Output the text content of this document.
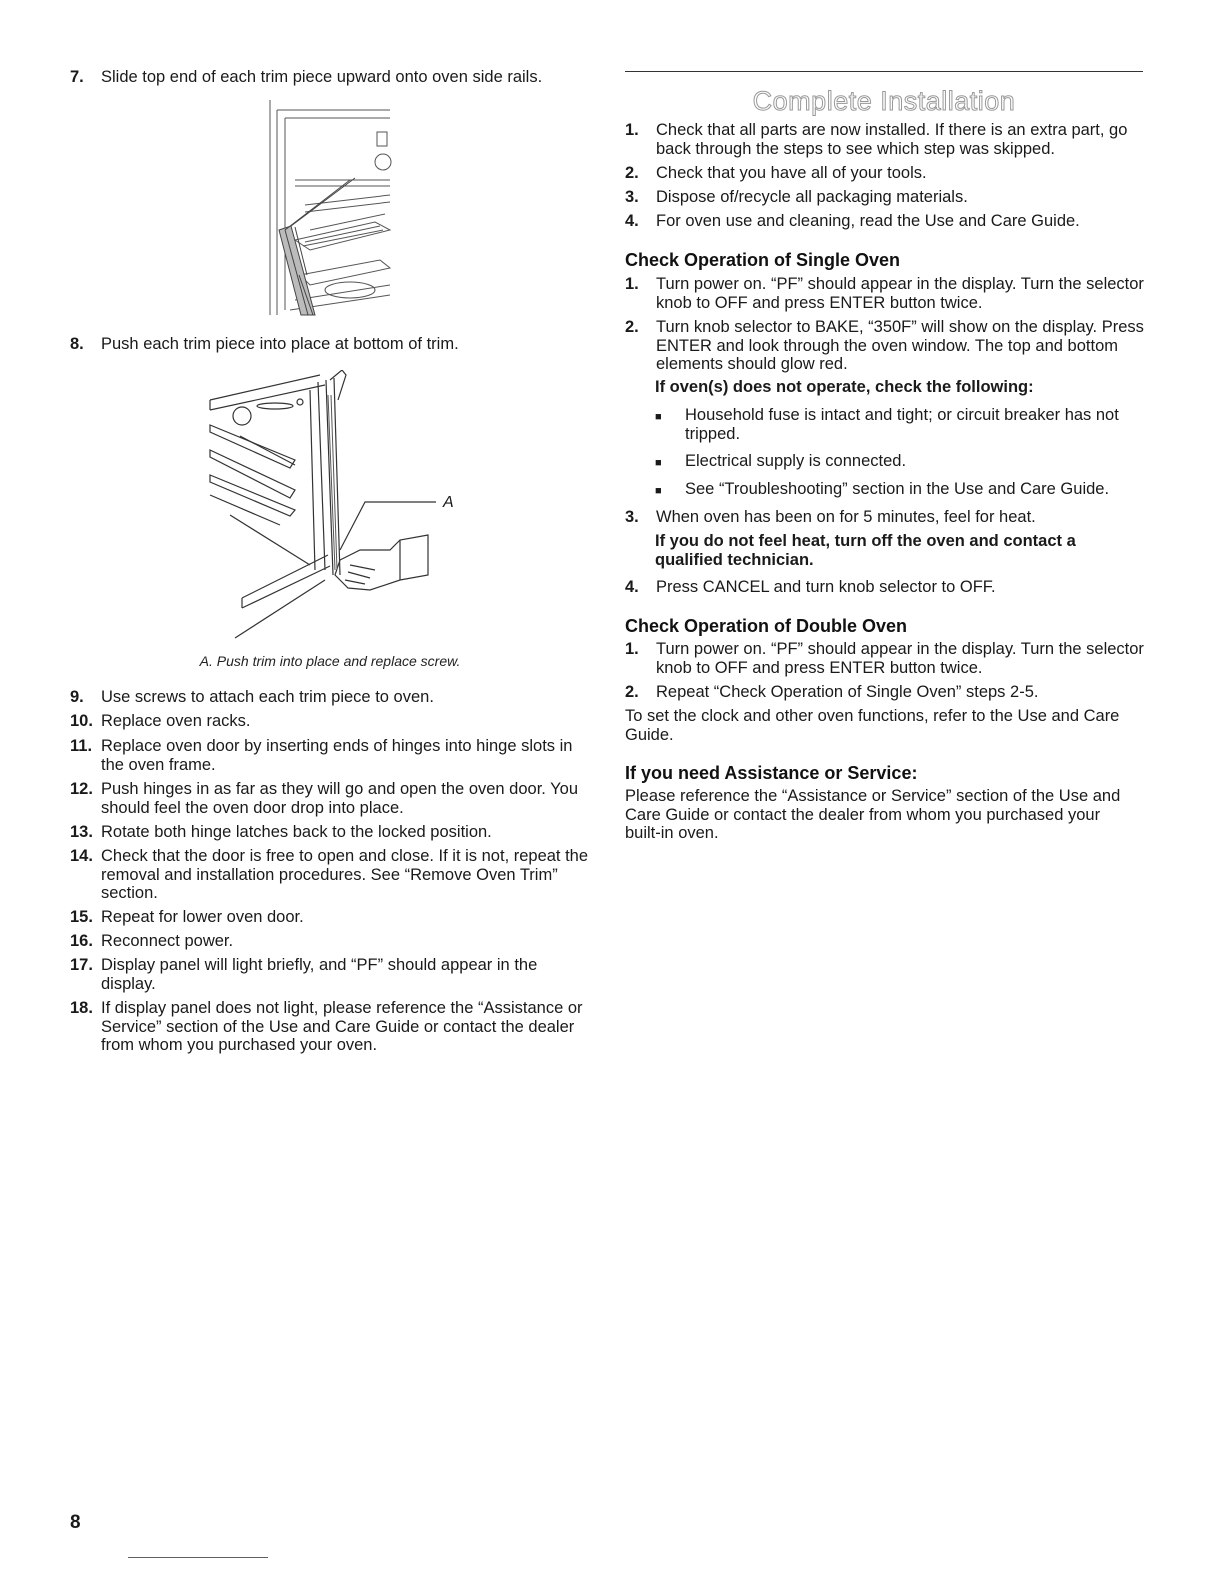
7.	Slide top end of each trim piece upward onto oven side rails.
8.	Push each trim piece into place at bottom of trim.
A
A. Push trim into place and replace screw.
9.	Use screws to attach each trim piece to oven.
10. Replace oven racks.
11. Replace oven door by inserting ends of hinges into hinge slots in the oven frame.
12. Push hinges in as far as they will go and open the oven door. You should feel the oven door drop into place.
13. Rotate both hinge latches back to the locked position.
14. Check that the door is free to open and close. If it is not, repeat the removal and installation procedures. See “Remove Oven Trim” section.
15. Repeat for lower oven door.
16. Reconnect power.
17. Display panel will light briefly, and “PF” should appear in the display.
18. If display panel does not light, please reference the “Assistance or Service” section of the Use and Care Guide or contact the dealer from whom you purchased your oven.
Complete Installation
1.	Check that all parts are now installed. If there is an extra part, go back through the steps to see which step was skipped.
2.	Check that you have all of your tools.
3.	Dispose of/recycle all packaging materials.
4.	For oven use and cleaning, read the Use and Care Guide.
Check Operation of Single Oven
1.	Turn power on. “PF” should appear in the display. Turn the selector knob to OFF and press ENTER button twice.
2.	Turn knob selector to BAKE, “350F” will show on the display. Press ENTER and look through the oven window. The top and bottom elements should glow red.
If oven(s) does not operate, check the following:
■	Household fuse is intact and tight; or circuit breaker has not tripped.
■	Electrical supply is connected.
■	See “Troubleshooting” section in the Use and Care Guide.
3.	When oven has been on for 5 minutes, feel for heat.
If you do not feel heat, turn off the oven and contact a qualified technician.
4.	Press CANCEL and turn knob selector to OFF.
Check Operation of Double Oven
1.	Turn power on. “PF” should appear in the display. Turn the selector knob to OFF and press ENTER button twice.
2.	Repeat “Check Operation of Single Oven” steps 2-5.
To set the clock and other oven functions, refer to the Use and Care Guide.
If you need Assistance or Service:
Please reference the “Assistance or Service” section of the Use and Care Guide or contact the dealer from whom you purchased your built-in oven.
8
